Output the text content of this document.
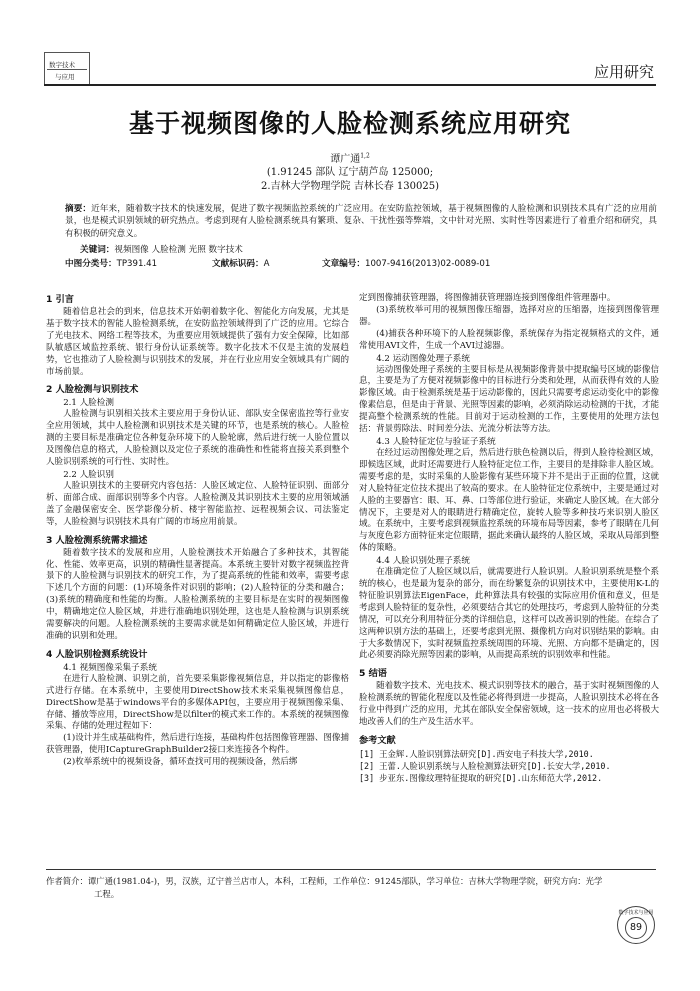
数字技术
与应用	应用研究
基于视频图像的人脸检测系统应用研究
谭广通$^{1,2}$
(1.91245 部队 辽宁葫芦岛 125000;
2.吉林大学物理学院 吉林长春 130025)
摘要：近年来，随着数字技术的快速发展，促进了数字视频监控系统的广泛应用。在安防监控领域，基于视频图像的人脸检测和识别技术具有广泛的应用前景，也是模式识别领域的研究热点。考虑到现有人脸检测系统具有繁琐、复杂、干扰性强等弊端，文中针对光照、实时性等因素进行了着重介绍和研究，具有积极的研究意义。
关键词：视频图像 人脸检测 光照 数字技术
中图分类号：TP391.41	文献标识码：A	文章编号：1007-9416(2013)02-0089-01
1 引言

随着信息社会的到来，信息技术开始朝着数字化、智能化方向发展，尤其是基于数字技术的智能人脸检测系统，在安防监控领域得到了广泛的应用。它综合了光电技术、网络工程等技术，为重要应用领域提供了强有力安全保障，比如部队敏感区域监控系统、银行身份认证系统等。数字化技术不仅是主流的发展趋势，它也推动了人脸检测与识别技术的发展，并在行业应用安全领域具有广阔的市场前景。

2 人脸检测与识别技术
2.1 人脸检测

人脸检测与识别相关技术主要应用于身份认证、部队安全保密监控等行业安全应用领域，其中人脸检测和识别技术是关键的环节，也是系统的核心。人脸检测的主要目标是准确定位各种复杂环境下的人脸轮廓，然后进行统一人脸位置以及图像信息的格式，人脸检测以及定位子系统的准确性和性能将直接关系到整个人脸识别系统的可行性、实时性。

2.2 人脸识别

人脸识别技术的主要研究内容包括：人脸区域定位、人脸特征识别、面部分析、面部合成、面部识别等多个内容。人脸检测及其识别技术主要的应用领域涵盖了金融保密安全、医学影像分析、楼宇智能监控、远程视频会议、司法鉴定等，人脸检测与识别技术具有广阔的市场应用前景。

3 人脸检测系统需求描述

随着数字技术的发展和应用，人脸检测技术开始融合了多种技术，其智能化、性能、效率更高，识别的精确性显著提高。本系统主要针对数字视频监控背景下的人脸检测与识别技术的研究工作，为了提高系统的性能和效率，需要考虑下述几个方面的问题：(1)环境条件对识别的影响；(2)人脸特征的分类和融合；(3)系统的精确度和性能的均衡。人脸检测系统的主要目标是在实时的视频图像中，精确地定位人脸区域，并进行准确地识别处理，这也是人脸检测与识别系统需要解决的问题。人脸检测系统的主要需求就是如何精确定位人脸区域，并进行准确的识别和处理。

4 人脸识别检测系统设计
4.1 视频图像采集子系统

在进行人脸检测、识别之前，首先要采集影像视频信息，并以指定的影像格式进行存储。在本系统中，主要使用DirectShow技术来采集视频图像信息，DirectShow是基于windows平台的多媒体API包，主要应用于视频图像采集、存储、播放等应用，DirectShow是以filter的模式来工作的。本系统的视频图像采集、存储的处理过程如下：

(1)设计并生成基础构件，然后进行连接，基础构件包括图像管理器、图像捕获管理器，使用ICaptureGraphBuilder2接口来连接各个构件。

(2)枚举系统中的视频设备，循环查找可用的视频设备，然后绑

定到图像捕获管理器，将图像捕获管理器连接到图像组件管理器中。

(3)系统枚举可用的视频图像压缩器，选择对应的压缩器，连接到图像管理器。

(4)捕获各种环境下的人脸视频影像，系统保存为指定视频格式的文件，通常使用AVI文件，生成一个AVI过滤器。

4.2 运动图像处理子系统

运动图像处理子系统的主要目标是从视频影像背景中提取编号区域的影像信息，主要是为了方便对视频影像中的目标进行分类和处理，从而获得有效的人脸影像区域。由于检测系统是基于运动影像的，因此只需要考虑运动变化中的影像像素信息，但是由于背景、光照等因素的影响，必须消除运动检测的干扰，才能提高整个检测系统的性能。目前对于运动检测的工作，主要使用的处理方法包括：背景剪除法、时间差分法、光流分析法等方法。

4.3 人脸特征定位与验证子系统

在经过运动图像处理之后，然后进行肤色检测以后，得到人脸待检测区域，即候选区域，此时还需要进行人脸特征定位工作，主要目的是排除非人脸区域。需要考虑的是，实时采集的人脸影像有某些环境下并不是出于正面的位置，这就对人脸特征定位技术提出了较高的要求。在人脸特征定位系统中，主要是通过对人脸的主要器官：眼、耳、鼻、口等部位进行验证，来确定人脸区域。在大部分情况下，主要是对人的眼睛进行精确定位，旋转人脸等多种技巧来识别人脸区域。在系统中，主要考虑到视频监控系统的环境布局等因素，参考了眼睛在几何与灰度色彩方面特征来定位眼睛，据此来确认最终的人脸区域，采取从局部到整体的策略。

4.4 人脸识别处理子系统

在准确定位了人脸区域以后，就需要进行人脸识别。人脸识别系统是整个系统的核心，也是最为复杂的部分，而在纷繁复杂的识别技术中，主要使用K-L的特征脸识别算法EigenFace，此种算法具有较强的实际应用价值和意义，但是考虑到人脸特征的复杂性，必须要结合其它的处理技巧，考虑到人脸特征的分类情况，可以充分利用特征分类的详细信息，这样可以改善识别的性能。在综合了这两种识别方法的基础上，还要考虑到光照、摄像机方向对识别结果的影响。由于大多数情况下，实时视频监控系统周围的环境、光照、方向都不是确定的，因此必须要消除光照等因素的影响，从而提高系统的识别效率和性能。

5 结语

随着数字技术、光电技术、模式识别等技术的融合，基于实时视频图像的人脸检测系统的智能化程度以及性能必将得到进一步提高，人脸识别技术必将在各行业中得到广泛的应用，尤其在部队安全保密领域，这一技术的应用也必将极大地改善人们的生产及生活水平。

参考文献
[1] 王金辉.人脸识别算法研究[D].西安电子科技大学,2010.
[2] 王蕾.人脸识别系统与人脸检测算法研究[D].长安大学,2010.
[3] 步亚东.图像纹理特征提取的研究[D].山东师范大学,2012.
作者简介：谭广通(1981.04-)，男，汉族，辽宁普兰店市人，本科，工程师，工作单位：91245部队，学习单位：吉林大学物理学院，研究方向：光学
工程。
数字技术与应用
89
